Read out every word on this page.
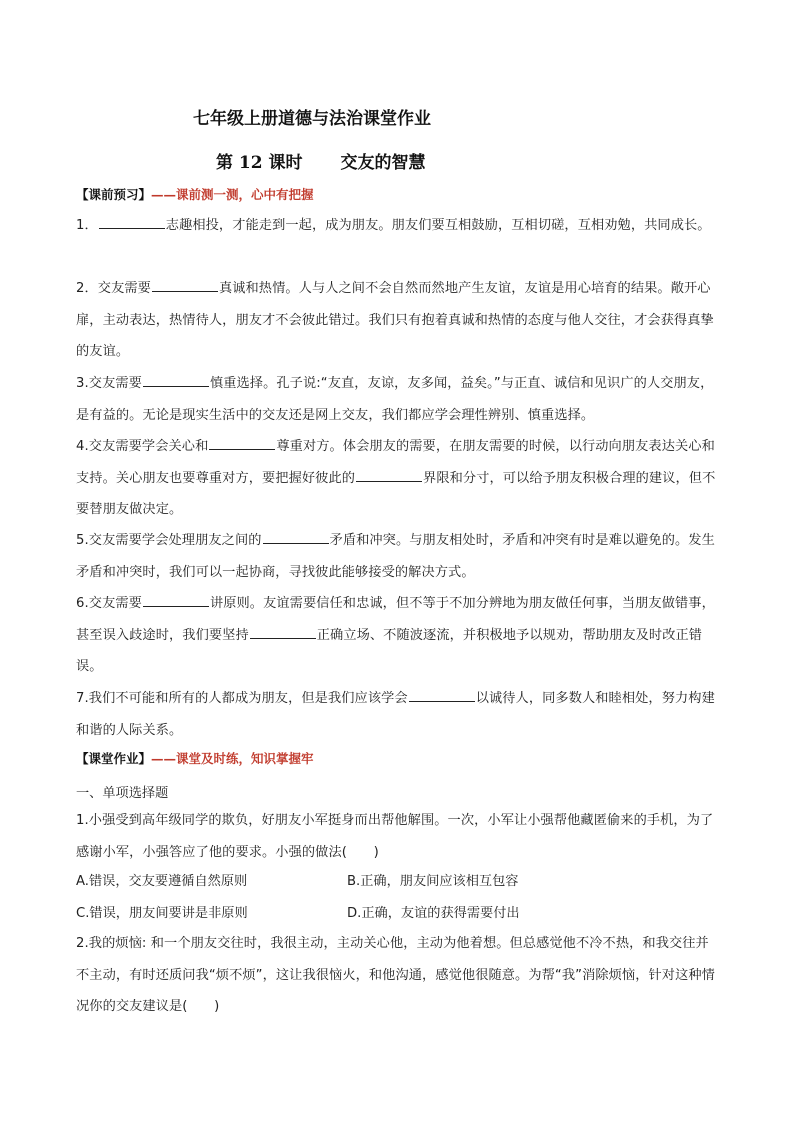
七年级上册道德与法治课堂作业
第 12 课时 交友的智慧
【课前预习】——课前测一测，心中有把握
1．	志趣相投，才能走到一起，成为朋友。朋友们要互相鼓励，互相切磋，互相劝勉，共同成长。
2．交友需要	真诚和热情。人与人之间不会自然而然地产生友谊，友谊是用心培育的结果。敞开心扉，主动表达，热情待人，朋友才不会彼此错过。我们只有抱着真诚和热情的态度与他人交往，才会获得真挚的友谊。
3.交友需要	慎重选择。孔子说:“友直，友谅，友多闻，益矣。”与正直、诚信和见识广的人交朋友，是有益的。无论是现实生活中的交友还是网上交友，我们都应学会理性辨别、慎重选择。
4.交友需要学会关心和	尊重对方。体会朋友的需要，在朋友需要的时候，以行动向朋友表达关心和支持。关心朋友也要尊重对方，要把握好彼此的	界限和分寸，可以给予朋友积极合理的建议，但不要替朋友做决定。
5.交友需要学会处理朋友之间的	矛盾和冲突。与朋友相处时，矛盾和冲突有时是难以避免的。发生矛盾和冲突时，我们可以一起协商，寻找彼此能够接受的解决方式。
6.交友需要	讲原则。友谊需要信任和忠诚，但不等于不加分辨地为朋友做任何事，当朋友做错事，甚至误入歧途时，我们要坚持	正确立场、不随波逐流，并积极地予以规劝，帮助朋友及时改正错误。
7.我们不可能和所有的人都成为朋友，但是我们应该学会	以诚待人，同多数人和睦相处，努力构建和谐的人际关系。
【课堂作业】——课堂及时练，知识掌握牢
一、单项选择题
1.小强受到高年级同学的欺负，好朋友小军挺身而出帮他解围。一次，小军让小强帮他藏匿偷来的手机，为了感谢小军，小强答应了他的要求。小强的做法(　　)
A.错误，交友要遵循自然原则	B.正确，朋友间应该相互包容
C.错误，朋友间要讲是非原则	D.正确，友谊的获得需要付出
2.我的烦恼: 和一个朋友交往时，我很主动，主动关心他，主动为他着想。但总感觉他不冷不热，和我交往并不主动，有时还质问我“烦不烦”，这让我很恼火，和他沟通，感觉他很随意。为帮“我”消除烦恼，针对这种情况你的交友建议是(　　)
